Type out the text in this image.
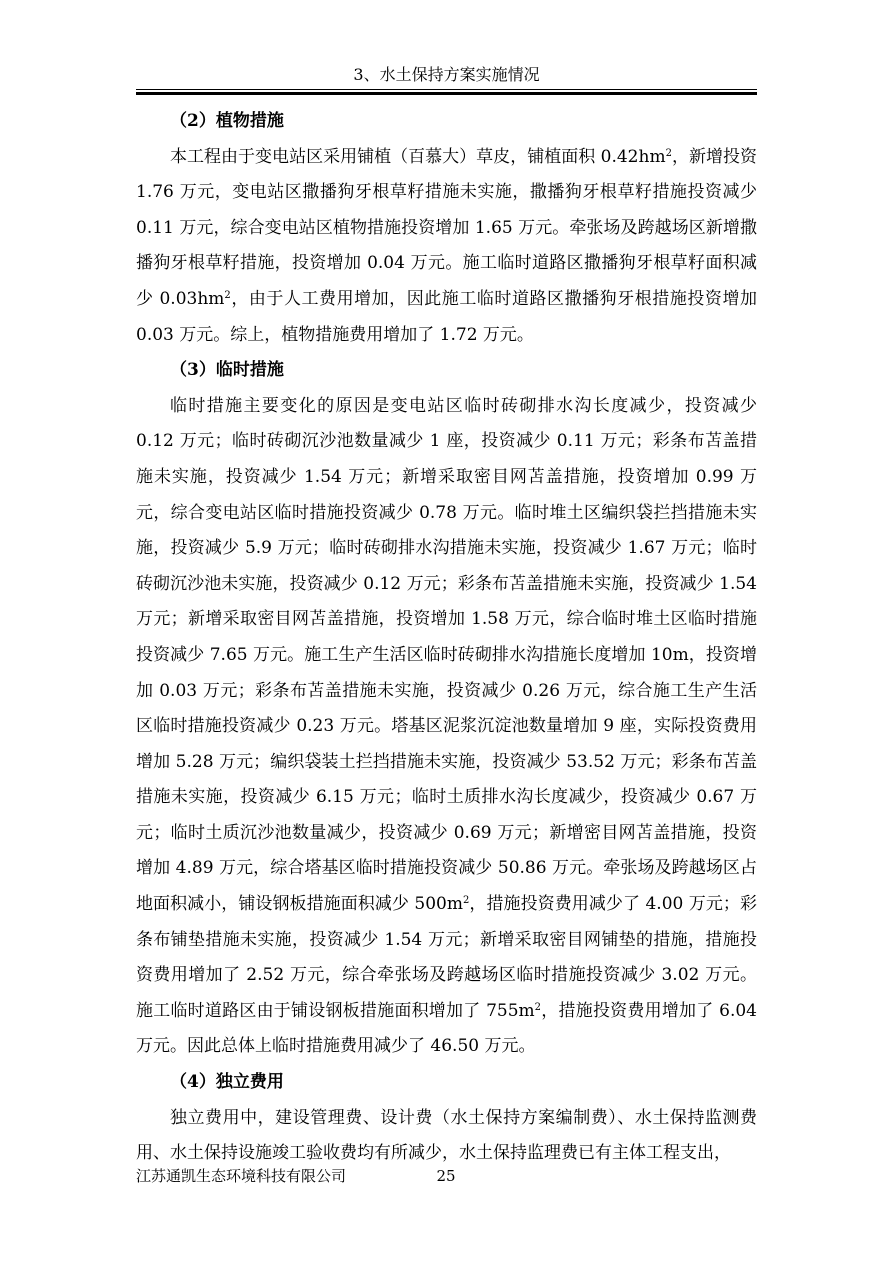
3、水土保持方案实施情况
（2）植物措施

本工程由于变电站区采用铺植（百慕大）草皮，铺植面积 $0.42hm^2$，新增投资 1.76 万元，变电站区撒播狗牙根草籽措施未实施，撒播狗牙根草籽措施投资减少 0.11 万元，综合变电站区植物措施投资增加 1.65 万元。牵张场及跨越场区新增撒播狗牙根草籽措施，投资增加 0.04 万元。施工临时道路区撒播狗牙根草籽面积减少 $0.03hm^2$，由于人工费用增加，因此施工临时道路区撒播狗牙根措施投资增加 0.03 万元。综上，植物措施费用增加了 1.72 万元。

（3）临时措施

临时措施主要变化的原因是变电站区临时砖砌排水沟长度减少，投资减少 0.12 万元；临时砖砌沉沙池数量减少 1 座，投资减少 0.11 万元；彩条布苫盖措施未实施，投资减少 1.54 万元；新增采取密目网苫盖措施，投资增加 0.99 万元，综合变电站区临时措施投资减少 0.78 万元。临时堆土区编织袋拦挡措施未实施，投资减少 5.9 万元；临时砖砌排水沟措施未实施，投资减少 1.67 万元；临时砖砌沉沙池未实施，投资减少 0.12 万元；彩条布苫盖措施未实施，投资减少 1.54 万元；新增采取密目网苫盖措施，投资增加 1.58 万元，综合临时堆土区临时措施投资减少 7.65 万元。施工生产生活区临时砖砌排水沟措施长度增加 10m，投资增加 0.03 万元；彩条布苫盖措施未实施，投资减少 0.26 万元，综合施工生产生活区临时措施投资减少 0.23 万元。塔基区泥浆沉淀池数量增加 9 座，实际投资费用增加 5.28 万元；编织袋装土拦挡措施未实施，投资减少 53.52 万元；彩条布苫盖措施未实施，投资减少 6.15 万元；临时土质排水沟长度减少，投资减少 0.67 万元；临时土质沉沙池数量减少，投资减少 0.69 万元；新增密目网苫盖措施，投资增加 4.89 万元，综合塔基区临时措施投资减少 50.86 万元。牵张场及跨越场区占地面积减小，铺设钢板措施面积减少 $500m^2$，措施投资费用减少了 4.00 万元；彩条布铺垫措施未实施，投资减少 1.54 万元；新增采取密目网铺垫的措施，措施投资费用增加了 2.52 万元，综合牵张场及跨越场区临时措施投资减少 3.02 万元。施工临时道路区由于铺设钢板措施面积增加了 $755m^2$，措施投资费用增加了 6.04 万元。因此总体上临时措施费用减少了 46.50 万元。

（4）独立费用

独立费用中，建设管理费、设计费（水土保持方案编制费）、水土保持监测费用、水土保持设施竣工验收费均有所减少，水土保持监理费已有主体工程支出，

江苏通凯生态环境科技有限公司	25
